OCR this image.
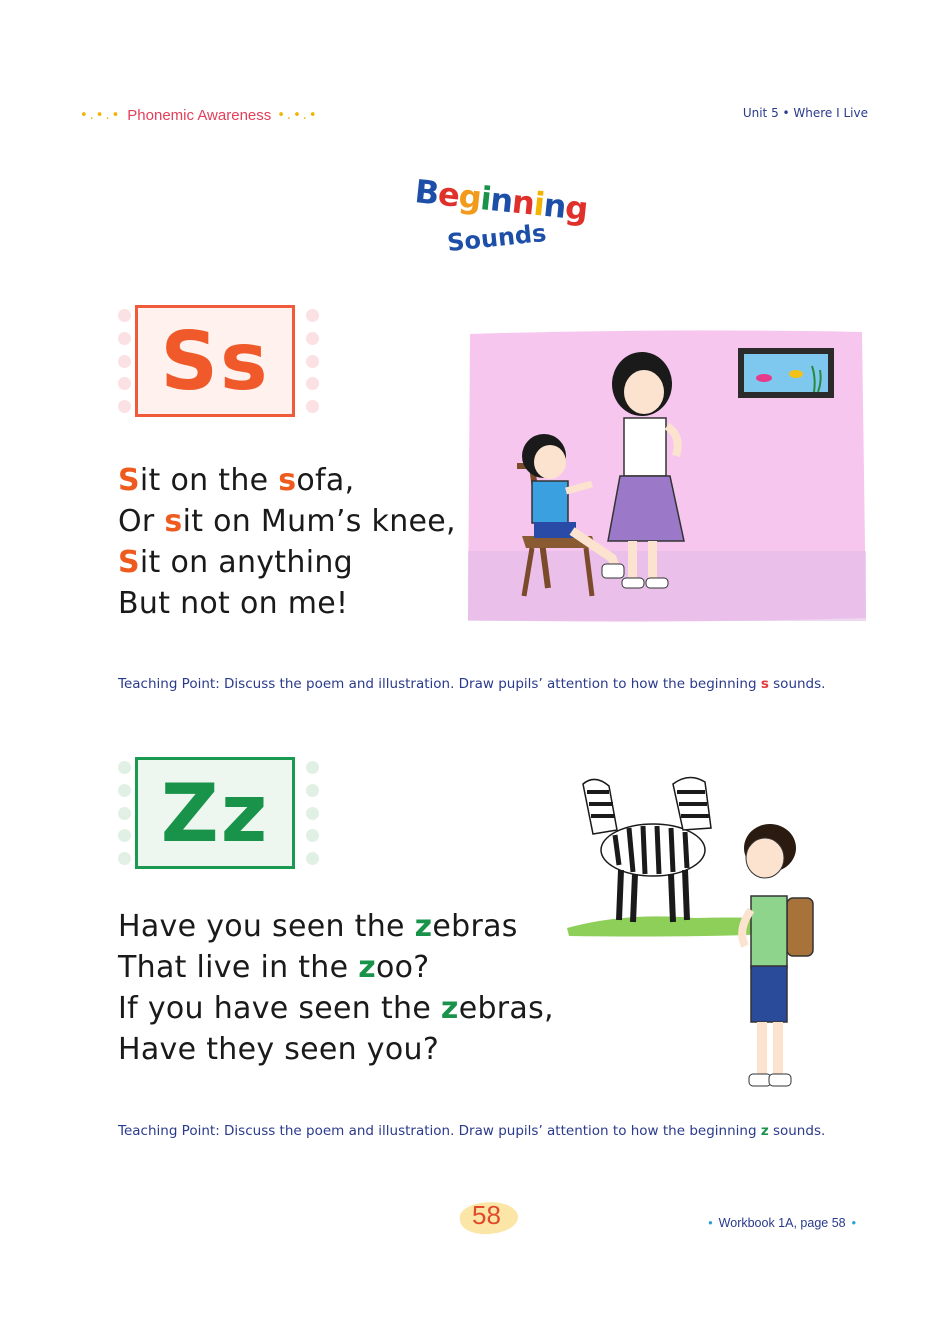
•.•.• Phonemic Awareness •.•.•	Unit 5 • Where I Live
Beginning
Sounds
Ss
Sit on the sofa,
Or sit on Mum’s knee,
Sit on anything
But not on me!
Teaching Point: Discuss the poem and illustration. Draw pupils’ attention to how the beginning s sounds.
Zz
Have you seen the zebras
That live in the zoo?
If you have seen the zebras,
Have they seen you?
Teaching Point: Discuss the poem and illustration. Draw pupils’ attention to how the beginning z sounds.
58	• Workbook 1A, page 58 •
